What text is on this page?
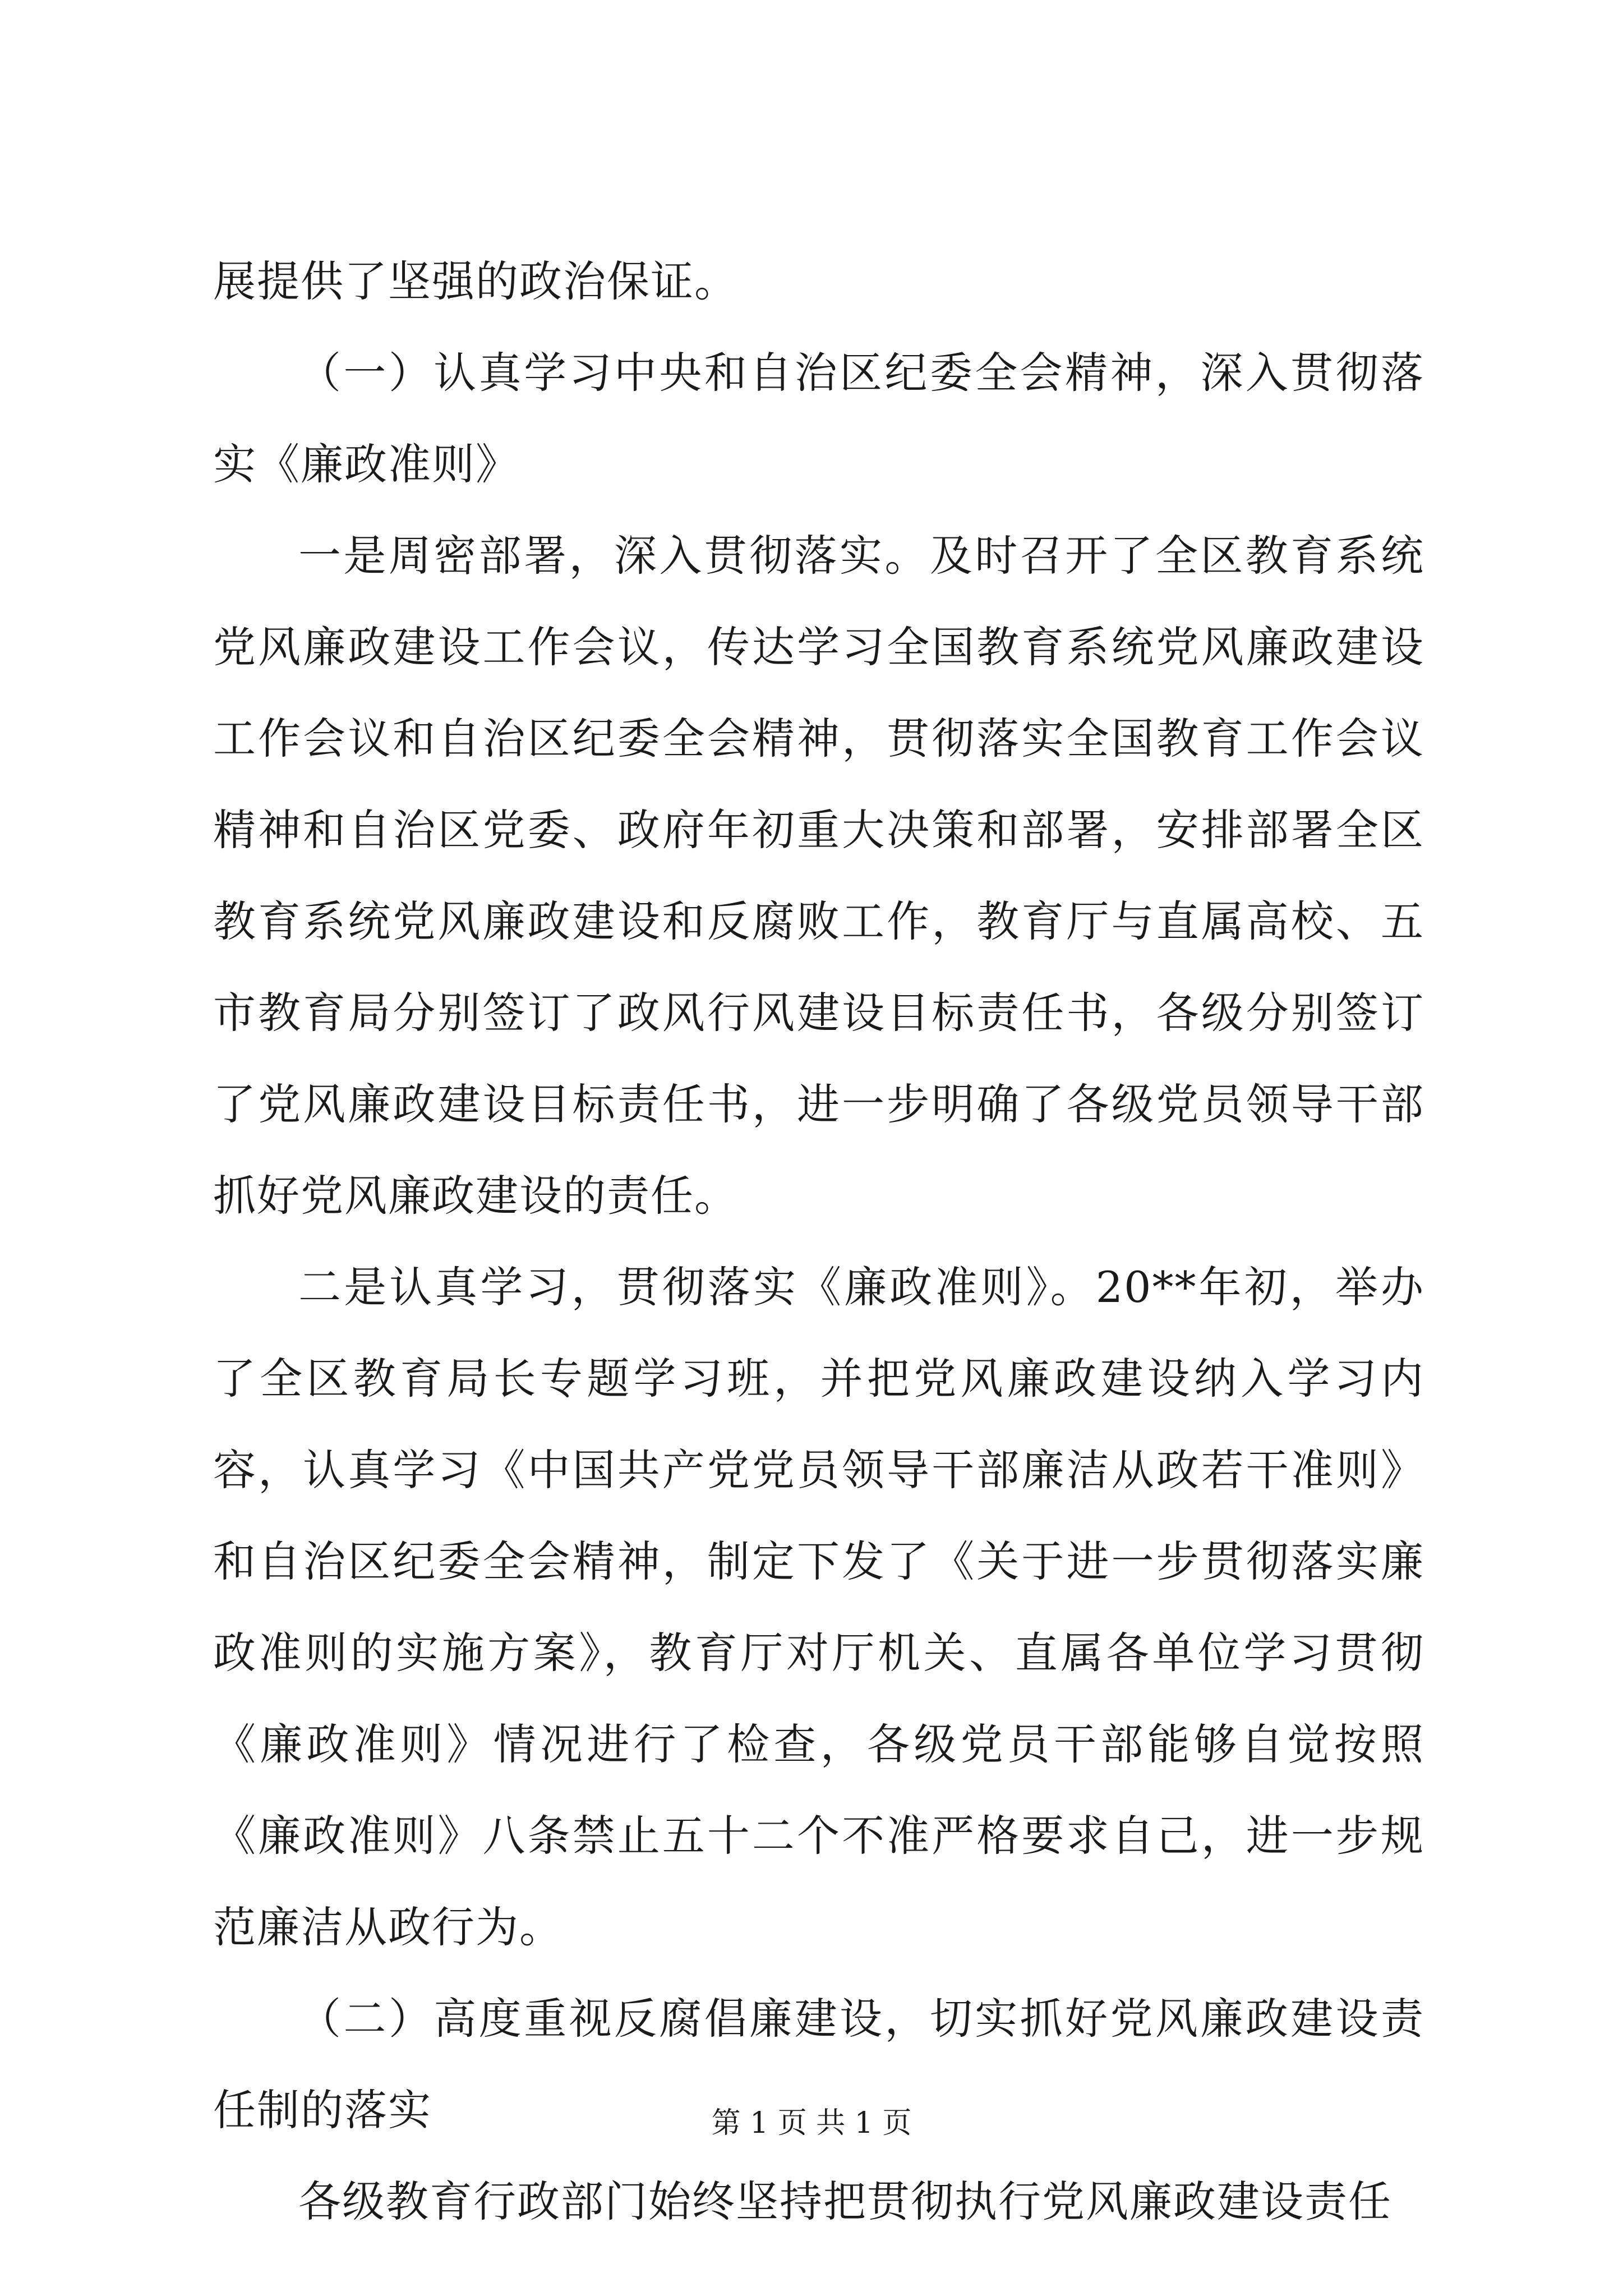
展提供了坚强的政治保证。

（一）认真学习中央和自治区纪委全会精神，深入贯彻落实《廉政准则》

一是周密部署，深入贯彻落实。及时召开了全区教育系统党风廉政建设工作会议，传达学习全国教育系统党风廉政建设工作会议和自治区纪委全会精神，贯彻落实全国教育工作会议精神和自治区党委、政府年初重大决策和部署，安排部署全区教育系统党风廉政建设和反腐败工作，教育厅与直属高校、五市教育局分别签订了政风行风建设目标责任书，各级分别签订了党风廉政建设目标责任书，进一步明确了各级党员领导干部抓好党风廉政建设的责任。

二是认真学习，贯彻落实《廉政准则》。20**年初，举办了全区教育局长专题学习班，并把党风廉政建设纳入学习内容，认真学习《中国共产党党员领导干部廉洁从政若干准则》和自治区纪委全会精神，制定下发了《关于进一步贯彻落实廉政准则的实施方案》，教育厅对厅机关、直属各单位学习贯彻《廉政准则》情况进行了检查，各级党员干部能够自觉按照《廉政准则》八条禁止五十二个不准严格要求自己，进一步规范廉洁从政行为。

（二）高度重视反腐倡廉建设，切实抓好党风廉政建设责任制的落实

各级教育行政部门始终坚持把贯彻执行党风廉政建设责任

第 1 页 共 1 页
